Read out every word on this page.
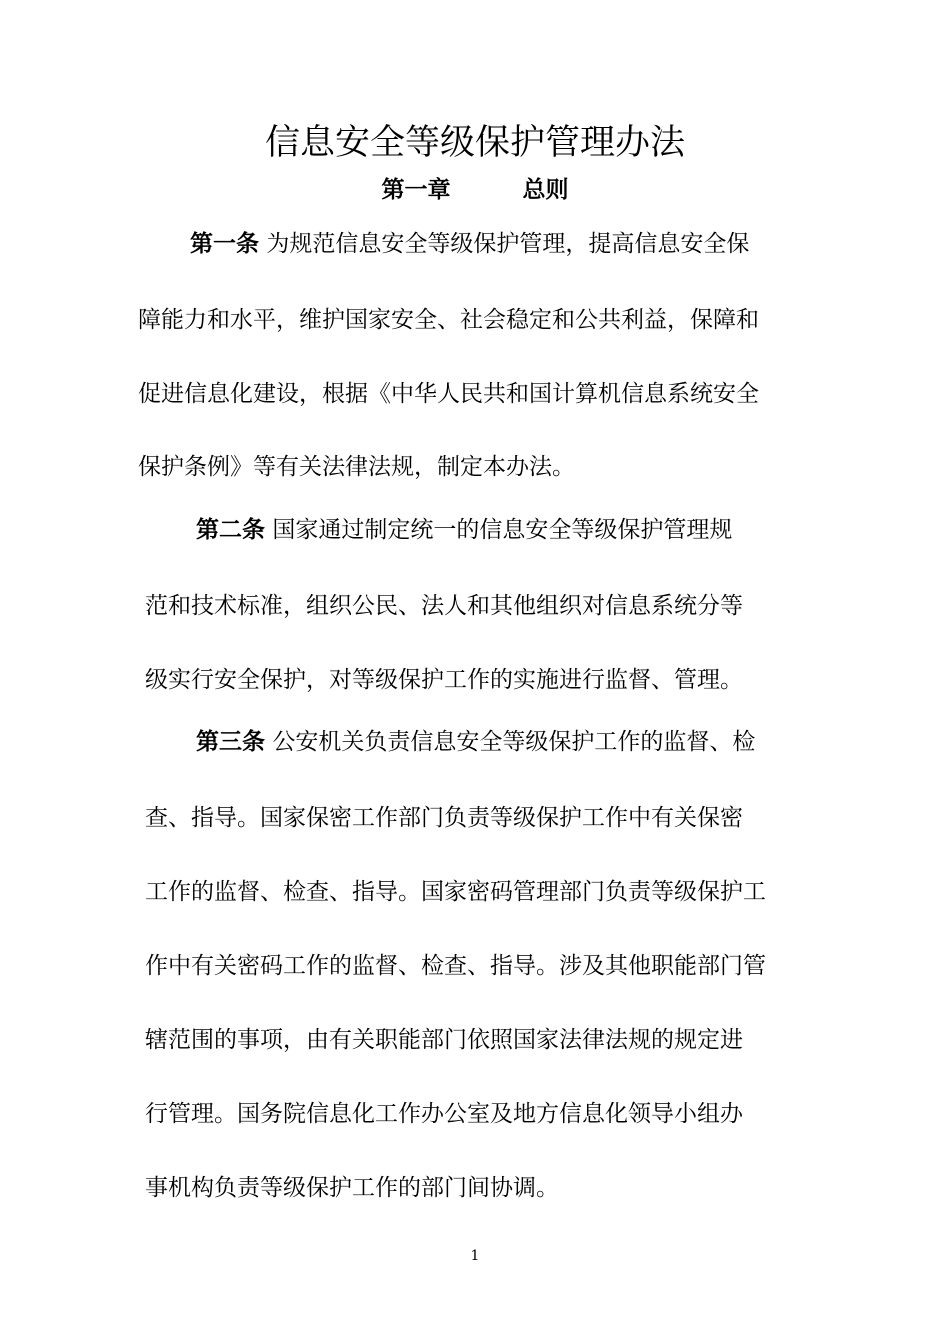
信息安全等级保护管理办法
第一章	总则
第一条 为规范信息安全等级保护管理，提高信息安全保
障能力和水平，维护国家安全、社会稳定和公共利益，保障和
促进信息化建设，根据《中华人民共和国计算机信息系统安全
保护条例》等有关法律法规，制定本办法。
第二条 国家通过制定统一的信息安全等级保护管理规
范和技术标准，组织公民、法人和其他组织对信息系统分等
级实行安全保护，对等级保护工作的实施进行监督、管理。
第三条 公安机关负责信息安全等级保护工作的监督、检
查、指导。国家保密工作部门负责等级保护工作中有关保密
工作的监督、检查、指导。国家密码管理部门负责等级保护工
作中有关密码工作的监督、检查、指导。涉及其他职能部门管
辖范围的事项，由有关职能部门依照国家法律法规的规定进
行管理。国务院信息化工作办公室及地方信息化领导小组办
事机构负责等级保护工作的部门间协调。
1
